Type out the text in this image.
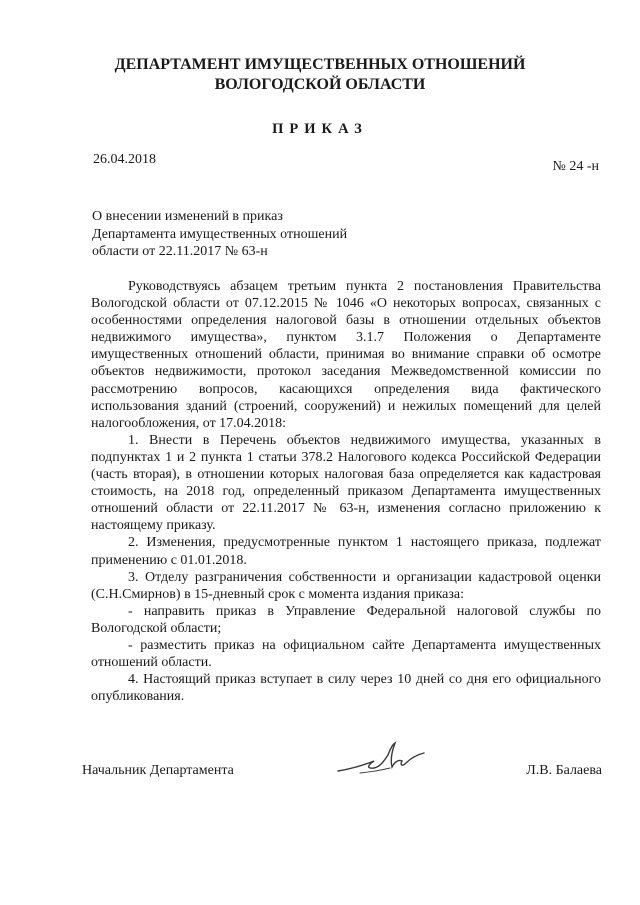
ДЕПАРТАМЕНТ ИМУЩЕСТВЕННЫХ ОТНОШЕНИЙ
ВОЛОГОДСКОЙ ОБЛАСТИ
ПРИКАЗ
26.04.2018	№ 24 -н
О внесении изменений в приказ
Департамента имущественных отношений
области от 22.11.2017 № 63-н

Руководствуясь абзацем третьим пункта 2 постановления Правительства Вологодской области от 07.12.2015 № 1046 «О некоторых вопросах, связанных с особенностями определения налоговой базы в отношении отдельных объектов недвижимого имущества», пунктом 3.1.7 Положения о Департаменте имущественных отношений области, принимая во внимание справки об осмотре объектов недвижимости, протокол заседания Межведомственной комиссии по рассмотрению вопросов, касающихся определения вида фактического использования зданий (строений, сооружений) и нежилых помещений для целей налогообложения, от 17.04.2018:

1. Внести в Перечень объектов недвижимого имущества, указанных в подпунктах 1 и 2 пункта 1 статьи 378.2 Налогового кодекса Российской Федерации (часть вторая), в отношении которых налоговая база определяется как кадастровая стоимость, на 2018 год, определенный приказом Департамента имущественных отношений области от 22.11.2017 № 63-н, изменения согласно приложению к настоящему приказу.

2. Изменения, предусмотренные пунктом 1 настоящего приказа, подлежат применению с 01.01.2018.

3. Отделу разграничения собственности и организации кадастровой оценки (С.Н.Смирнов) в 15-дневный срок с момента издания приказа:

- направить приказ в Управление Федеральной налоговой службы по Вологодской области;

- разместить приказ на официальном сайте Департамента имущественных отношений области.

4. Настоящий приказ вступает в силу через 10 дней со дня его официального опубликования.

Начальник Департамента	Л.В. Балаева
